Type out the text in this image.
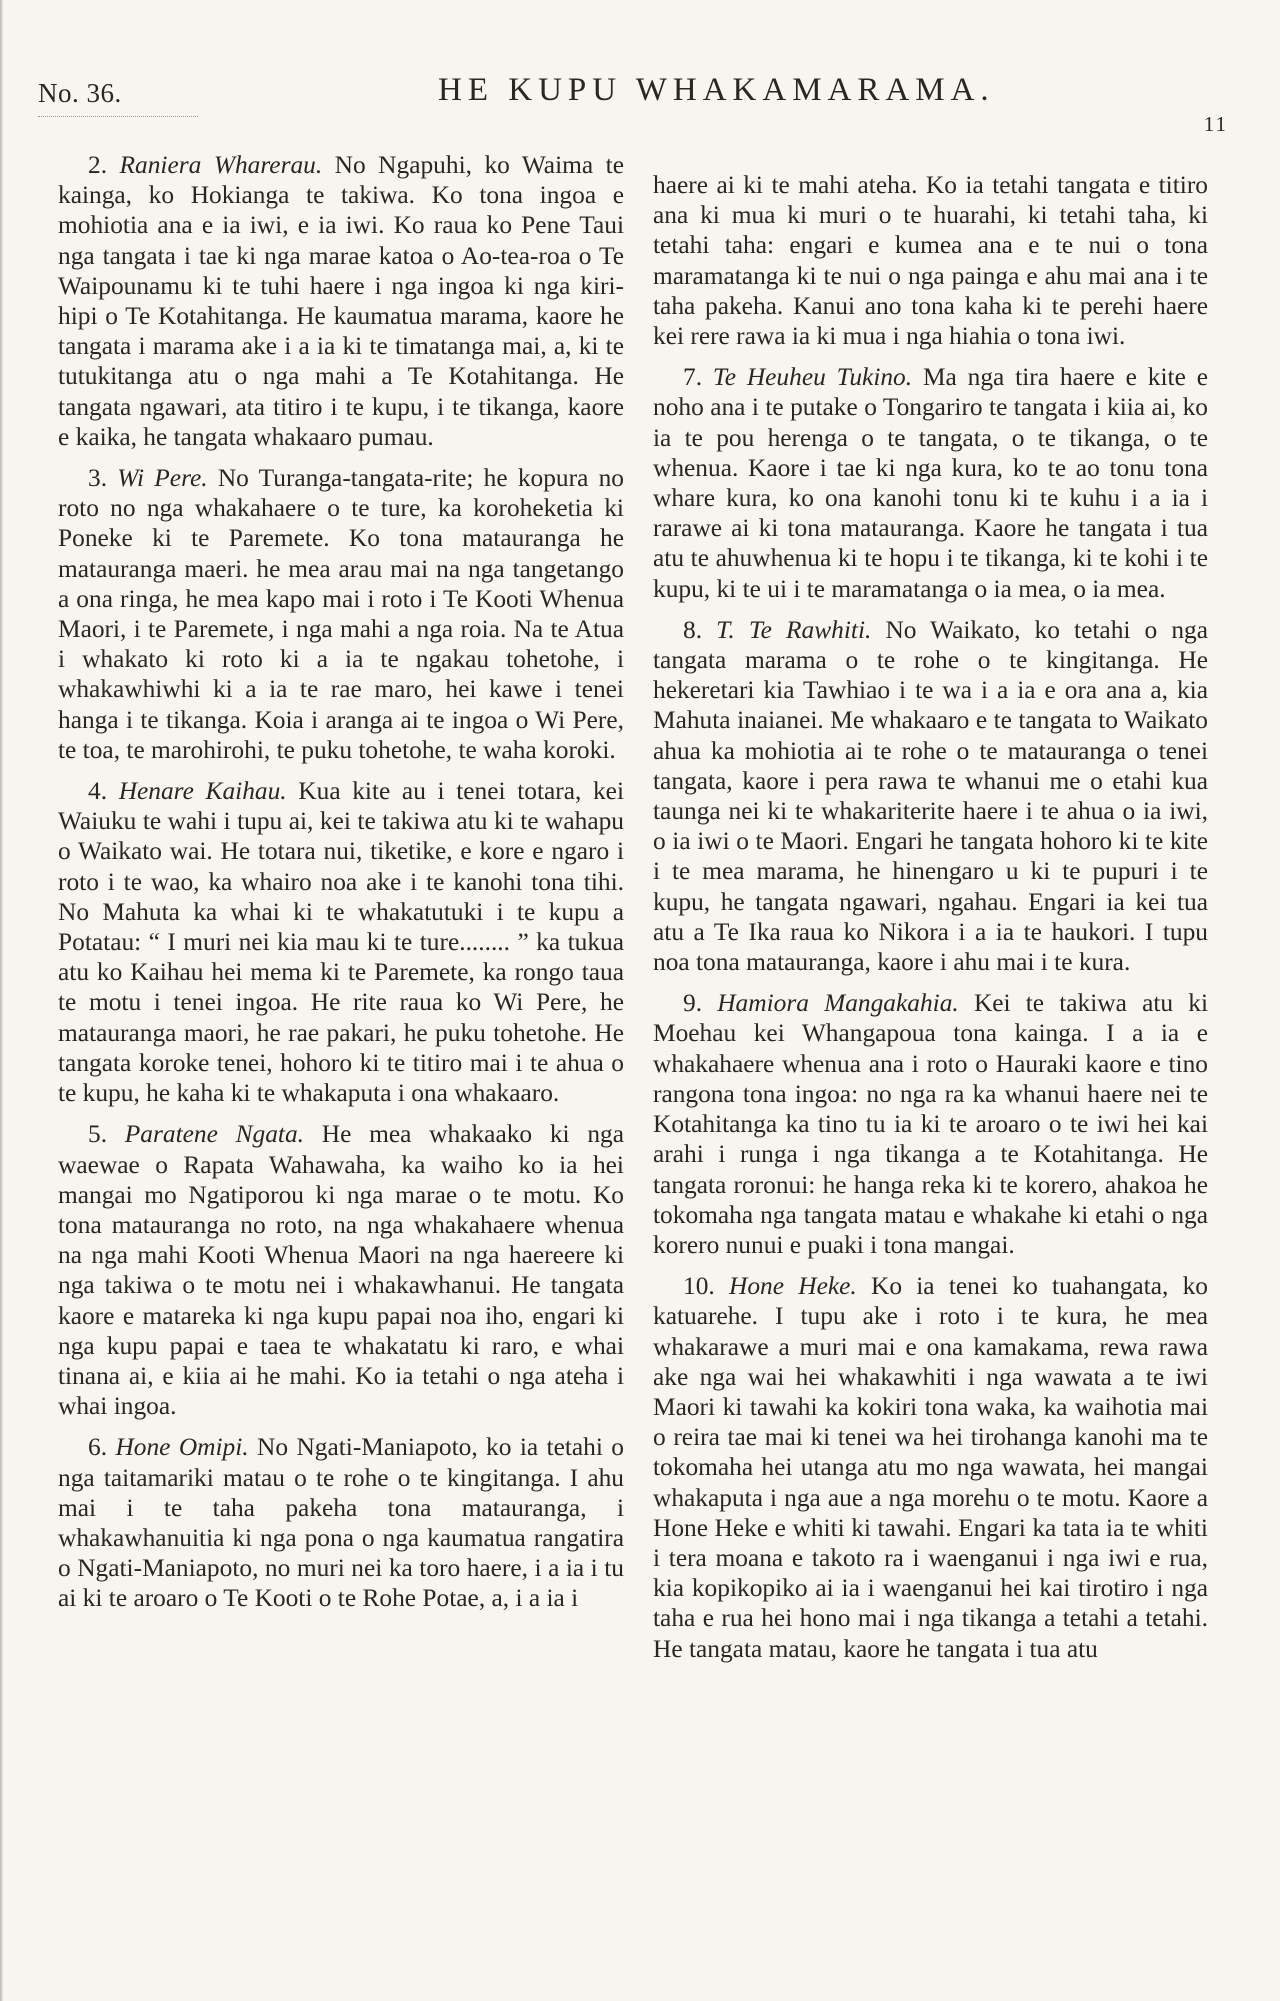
No. 36.	HE KUPU WHAKAMARAMA.
11

2. Raniera Wharerau. No Ngapuhi, ko Waima te kainga, ko Hokianga te takiwa. Ko tona ingoa e mohiotia ana e ia iwi, e ia iwi. Ko raua ko Pene Taui nga tangata i tae ki nga marae katoa o Ao-tea-roa o Te Waipounamu ki te tuhi haere i nga ingoa ki nga kiri-hipi o Te Kotahitanga. He kaumatua marama, kaore he tangata i marama ake i a ia ki te timatanga mai, a, ki te tutukitanga atu o nga mahi a Te Kotahitanga. He tangata ngawari, ata titiro i te kupu, i te tikanga, kaore e kaika, he tangata whakaaro pumau.

3. Wi Pere. No Turanga-tangata-rite; he kopura no roto no nga whakahaere o te ture, ka koroheketia ki Poneke ki te Paremete. Ko tona matauranga he matauranga maeri. he mea arau mai na nga tangetango a ona ringa, he mea kapo mai i roto i Te Kooti Whenua Maori, i te Paremete, i nga mahi a nga roia. Na te Atua i whakato ki roto ki a ia te ngakau tohetohe, i whakawhiwhi ki a ia te rae maro, hei kawe i tenei hanga i te tikanga. Koia i aranga ai te ingoa o Wi Pere, te toa, te marohirohi, te puku tohetohe, te waha koroki.

4. Henare Kaihau. Kua kite au i tenei totara, kei Waiuku te wahi i tupu ai, kei te takiwa atu ki te wahapu o Waikato wai. He totara nui, tiketike, e kore e ngaro i roto i te wao, ka whairo noa ake i te kanohi tona tihi. No Mahuta ka whai ki te whakatutuki i te kupu a Potatau: “ I muri nei kia mau ki te ture........ ” ka tukua atu ko Kaihau hei mema ki te Paremete, ka rongo taua te motu i tenei ingoa. He rite raua ko Wi Pere, he matauranga maori, he rae pakari, he puku tohetohe. He tangata koroke tenei, hohoro ki te titiro mai i te ahua o te kupu, he kaha ki te whakaputa i ona whakaaro.

5. Paratene Ngata. He mea whakaako ki nga waewae o Rapata Wahawaha, ka waiho ko ia hei mangai mo Ngatiporou ki nga marae o te motu. Ko tona matauranga no roto, na nga whakahaere whenua na nga mahi Kooti Whenua Maori na nga haereere ki nga takiwa o te motu nei i whakawhanui. He tangata kaore e matareka ki nga kupu papai noa iho, engari ki nga kupu papai e taea te whakatatu ki raro, e whai tinana ai, e kiia ai he mahi. Ko ia tetahi o nga ateha i whai ingoa.

6. Hone Omipi. No Ngati-Maniapoto, ko ia tetahi o nga taitamariki matau o te rohe o te kingitanga. I ahu mai i te taha pakeha tona matauranga, i whakawhanuitia ki nga pona o nga kaumatua rangatira o Ngati-Maniapoto, no muri nei ka toro haere, i a ia i tu ai ki te aroaro o Te Kooti o te Rohe Potae, a, i a ia i

haere ai ki te mahi ateha. Ko ia tetahi tangata e titiro ana ki mua ki muri o te huarahi, ki tetahi taha, ki tetahi taha: engari e kumea ana e te nui o tona maramatanga ki te nui o nga painga e ahu mai ana i te taha pakeha. Kanui ano tona kaha ki te perehi haere kei rere rawa ia ki mua i nga hiahia o tona iwi.

7. Te Heuheu Tukino. Ma nga tira haere e kite e noho ana i te putake o Tongariro te tangata i kiia ai, ko ia te pou herenga o te tangata, o te tikanga, o te whenua. Kaore i tae ki nga kura, ko te ao tonu tona whare kura, ko ona kanohi tonu ki te kuhu i a ia i rarawe ai ki tona matauranga. Kaore he tangata i tua atu te ahuwhenua ki te hopu i te tikanga, ki te kohi i te kupu, ki te ui i te maramatanga o ia mea, o ia mea.

8. T. Te Rawhiti. No Waikato, ko tetahi o nga tangata marama o te rohe o te kingitanga. He hekeretari kia Tawhiao i te wa i a ia e ora ana a, kia Mahuta inaianei. Me whakaaro e te tangata to Waikato ahua ka mohiotia ai te rohe o te matauranga o tenei tangata, kaore i pera rawa te whanui me o etahi kua taunga nei ki te whakariterite haere i te ahua o ia iwi, o ia iwi o te Maori. Engari he tangata hohoro ki te kite i te mea marama, he hinengaro u ki te pupuri i te kupu, he tangata ngawari, ngahau. Engari ia kei tua atu a Te Ika raua ko Nikora i a ia te haukori. I tupu noa tona matauranga, kaore i ahu mai i te kura.

9. Hamiora Mangakahia. Kei te takiwa atu ki Moehau kei Whangapoua tona kainga. I a ia e whakahaere whenua ana i roto o Hauraki kaore e tino rangona tona ingoa: no nga ra ka whanui haere nei te Kotahitanga ka tino tu ia ki te aroaro o te iwi hei kai arahi i runga i nga tikanga a te Kotahitanga. He tangata roronui: he hanga reka ki te korero, ahakoa he tokomaha nga tangata matau e whakahe ki etahi o nga korero nunui e puaki i tona mangai.

10. Hone Heke. Ko ia tenei ko tuahangata, ko katuarehe. I tupu ake i roto i te kura, he mea whakarawe a muri mai e ona kamakama, rewa rawa ake nga wai hei whakawhiti i nga wawata a te iwi Maori ki tawahi ka kokiri tona waka, ka waihotia mai o reira tae mai ki tenei wa hei tirohanga kanohi ma te tokomaha hei utanga atu mo nga wawata, hei mangai whakaputa i nga aue a nga morehu o te motu. Kaore a Hone Heke e whiti ki tawahi. Engari ka tata ia te whiti i tera moana e takoto ra i waenganui i nga iwi e rua, kia kopikopiko ai ia i waenganui hei kai tirotiro i nga taha e rua hei hono mai i nga tikanga a tetahi a tetahi. He tangata matau, kaore he tangata i tua atu
